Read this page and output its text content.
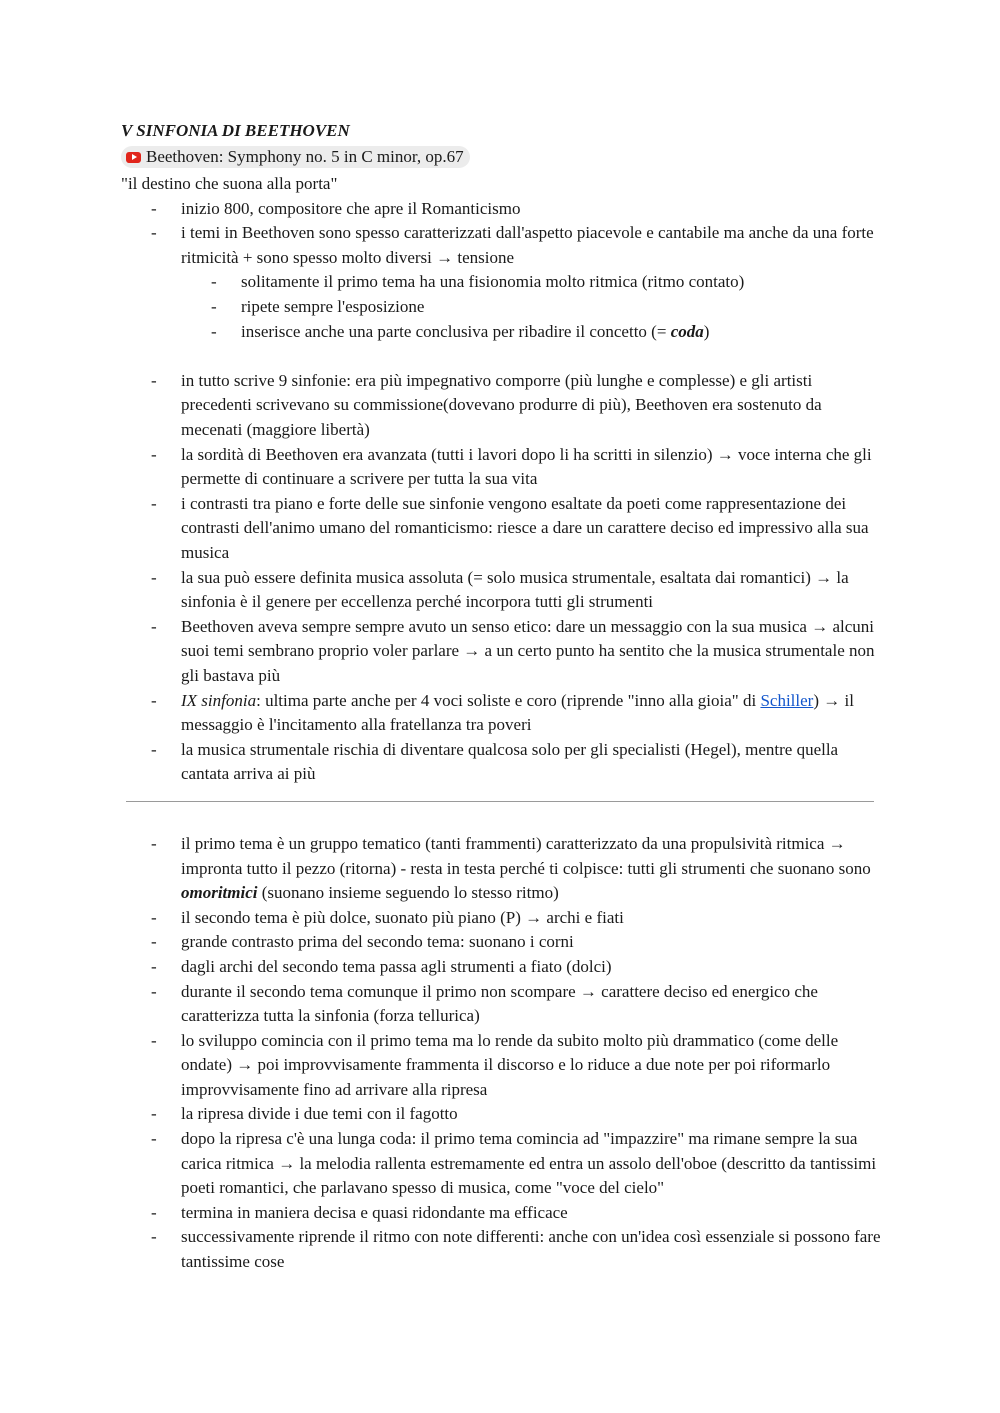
V SINFONIA DI BEETHOVEN
Beethoven: Symphony no. 5 in C minor, op.67
"il destino che suona alla porta"
- inizio 800, compositore che apre il Romanticismo
- i temi in Beethoven sono spesso caratterizzati dall'aspetto piacevole e cantabile ma anche da una forte ritmicità + sono spesso molto diversi → tensione
- solitamente il primo tema ha una fisionomia molto ritmica (ritmo contato)
- ripete sempre l'esposizione
- inserisce anche una parte conclusiva per ribadire il concetto (= coda)
- in tutto scrive 9 sinfonie: era più impegnativo comporre (più lunghe e complesse) e gli artisti precedenti scrivevano su commissione(dovevano produrre di più), Beethoven era sostenuto da mecenati (maggiore libertà)
- la sordità di Beethoven era avanzata (tutti i lavori dopo li ha scritti in silenzio) → voce interna che gli permette di continuare a scrivere per tutta la sua vita
- i contrasti tra piano e forte delle sue sinfonie vengono esaltate da poeti come rappresentazione dei contrasti dell'animo umano del romanticismo: riesce a dare un carattere deciso ed impressivo alla sua musica
- la sua può essere definita musica assoluta (= solo musica strumentale, esaltata dai romantici) → la sinfonia è il genere per eccellenza perché incorpora tutti gli strumenti
- Beethoven aveva sempre sempre avuto un senso etico: dare un messaggio con la sua musica → alcuni suoi temi sembrano proprio voler parlare → a un certo punto ha sentito che la musica strumentale non gli bastava più
- IX sinfonia: ultima parte anche per 4 voci soliste e coro (riprende "inno alla gioia" di Schiller) → il messaggio è l'incitamento alla fratellanza tra poveri
- la musica strumentale rischia di diventare qualcosa solo per gli specialisti (Hegel), mentre quella cantata arriva ai più
- il primo tema è un gruppo tematico (tanti frammenti) caratterizzato da una propulsività ritmica → impronta tutto il pezzo (ritorna) - resta in testa perché ti colpisce: tutti gli strumenti che suonano sono omoritmici (suonano insieme seguendo lo stesso ritmo)
- il secondo tema è più dolce, suonato più piano (P) → archi e fiati
- grande contrasto prima del secondo tema: suonano i corni
- dagli archi del secondo tema passa agli strumenti a fiato (dolci)
- durante il secondo tema comunque il primo non scompare → carattere deciso ed energico che caratterizza tutta la sinfonia (forza tellurica)
- lo sviluppo comincia con il primo tema ma lo rende da subito molto più drammatico (come delle ondate) → poi improvvisamente frammenta il discorso e lo riduce a due note per poi riformarlo improvvisamente fino ad arrivare alla ripresa
- la ripresa divide i due temi con il fagotto
- dopo la ripresa c'è una lunga coda: il primo tema comincia ad "impazzire" ma rimane sempre la sua carica ritmica → la melodia rallenta estremamente ed entra un assolo dell'oboe (descritto da tantissimi poeti romantici, che parlavano spesso di musica, come "voce del cielo"
- termina in maniera decisa e quasi ridondante ma efficace
- successivamente riprende il ritmo con note differenti: anche con un'idea così essenziale si possono fare tantissime cose
